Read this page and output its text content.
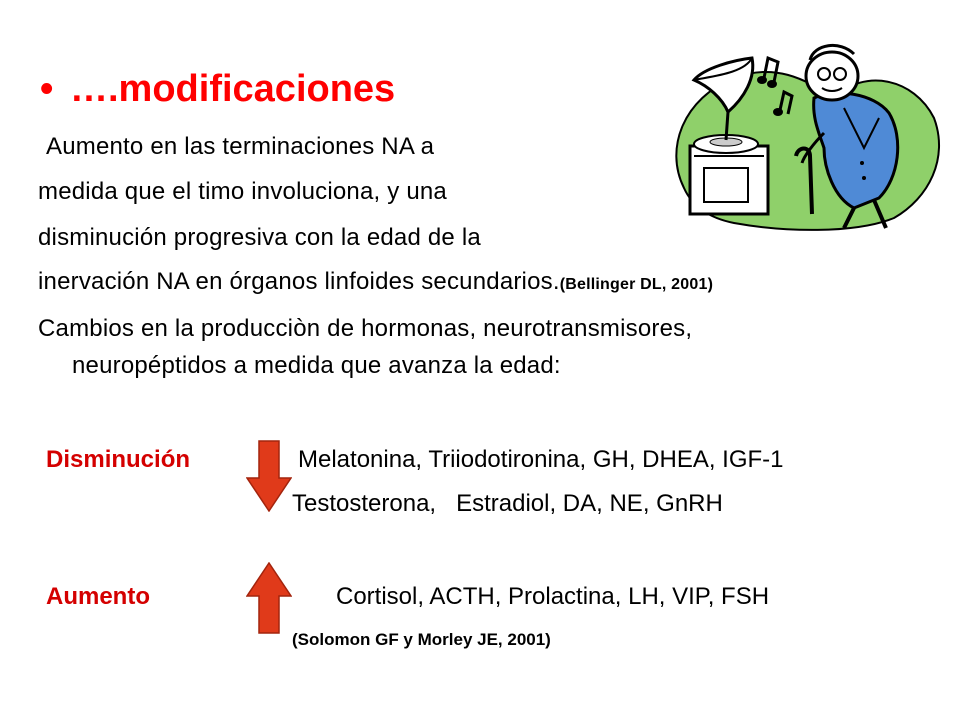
• ….modificaciones
Aumento en las terminaciones NA a
medida que el timo involuciona, y una
disminución progresiva con la edad de la
inervación NA en órganos linfoides secundarios.(Bellinger DL, 2001)
Cambios en la producciòn de hormonas, neurotransmisores,
neuropéptidos a medida que avanza la edad:
Disminución	Melatonina, Triiodotironina, GH, DHEA, IGF-1
Testosterona,   Estradiol, DA, NE, GnRH
Aumento	Cortisol, ACTH, Prolactina, LH, VIP, FSH
(Solomon GF y Morley JE, 2001)
